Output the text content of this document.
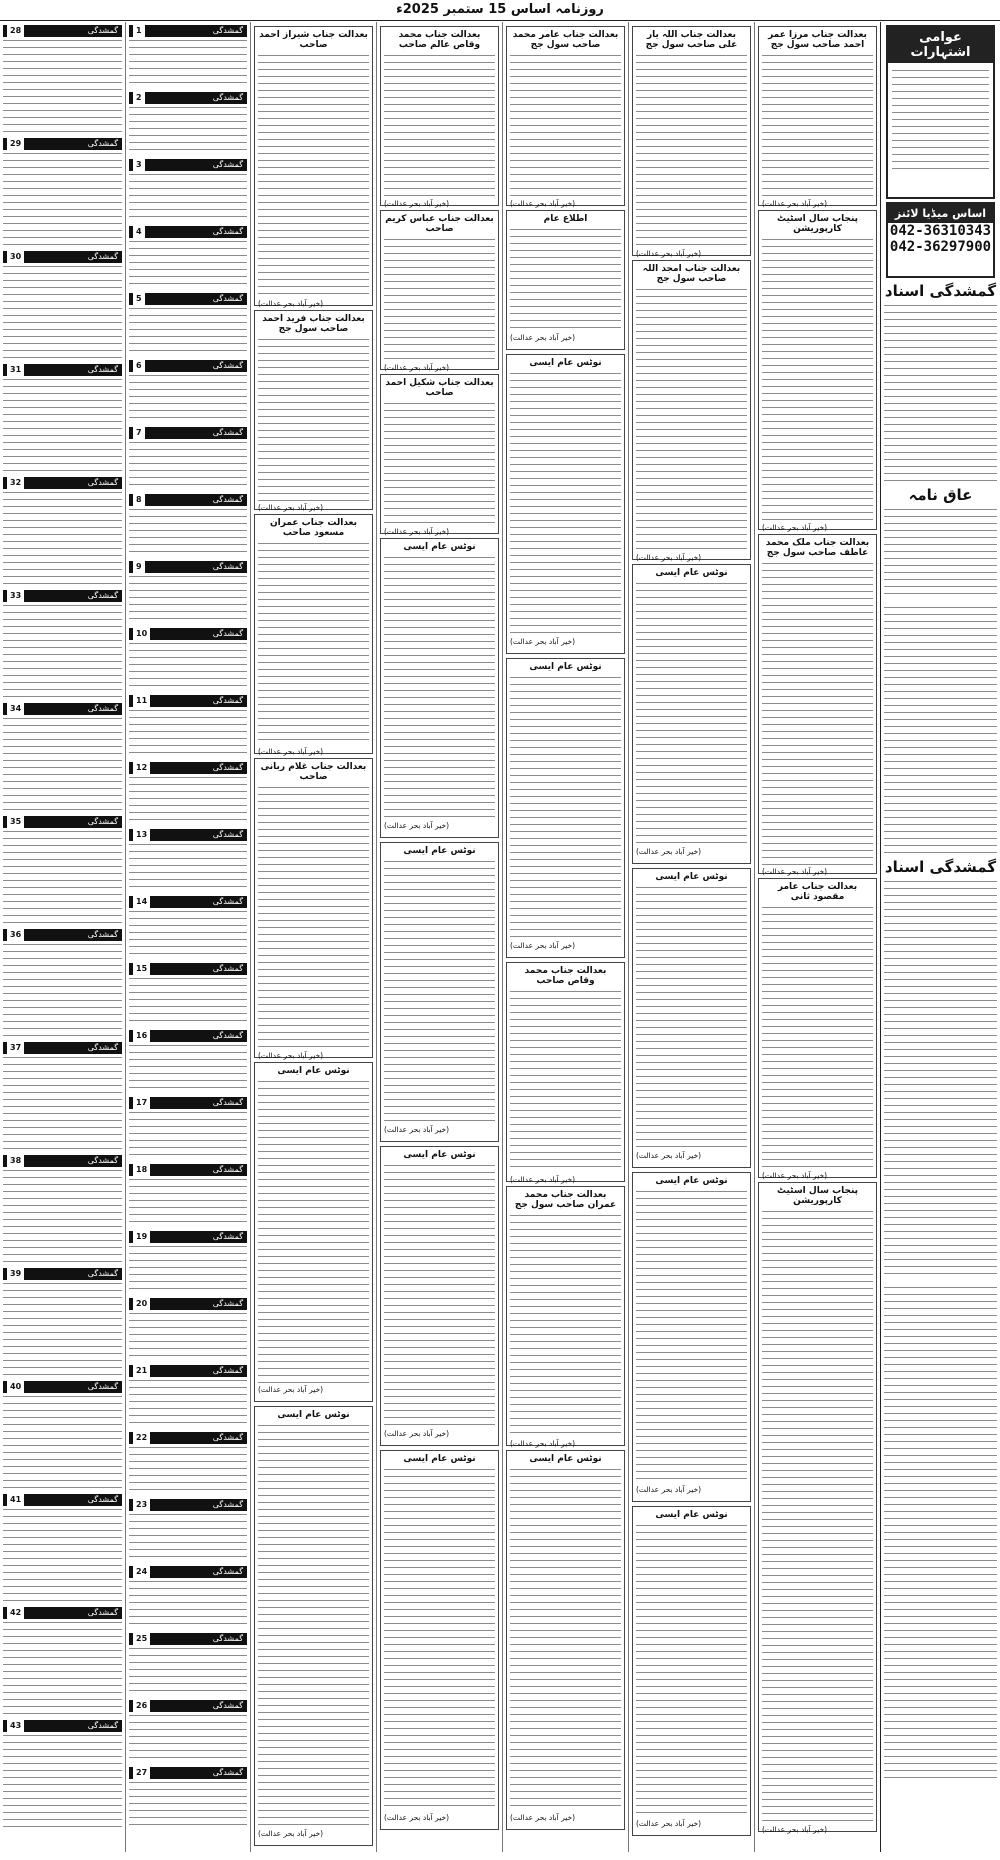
روزنامہ اساس 15 ستمبر 2025ء
عوامی اشتہارات
اساس میڈیا لائنز
042-36310343
042-36297900
گمشدگی اسناد
عاق نامہ
گمشدگی اسناد
بعدالت جناب مرزا عمر احمد صاحب سول جج
(خیر آباد بحر عدالت)
پنجاب سال اسٹیٹ کارپوریشن
(خیر آباد بحر عدالت)
بعدالت جناب ملک محمد عاطف صاحب سول جج
(خیر آباد بحر عدالت)
بعدالت جناب عامر مقصود ثانی
(خیر آباد بحر عدالت)
پنجاب سال اسٹیٹ کارپوریشن
(خیر آباد بحر عدالت)
بعدالت جناب اللہ یار علی صاحب سول جج
(خیر آباد بحر عدالت)
بعدالت جناب امجد اللہ صاحب سول جج
(خیر آباد بحر عدالت)
نوٹس عام ایسی
(خیر آباد بحر عدالت)
نوٹس عام ایسی
(خیر آباد بحر عدالت)
نوٹس عام ایسی
(خیر آباد بحر عدالت)
نوٹس عام ایسی
(خیر آباد بحر عدالت)
بعدالت جناب عامر محمد صاحب سول جج
(خیر آباد بحر عدالت)
اطلاع عام
(خیر آباد بحر عدالت)
نوٹس عام ایسی
(خیر آباد بحر عدالت)
نوٹس عام ایسی
(خیر آباد بحر عدالت)
بعدالت جناب محمد وقاص صاحب
(خیر آباد بحر عدالت)
بعدالت جناب محمد عمران صاحب سول جج
(خیر آباد بحر عدالت)
نوٹس عام ایسی
(خیر آباد بحر عدالت)
بعدالت جناب محمد وقاص عالم صاحب
(خیر آباد بحر عدالت)
بعدالت جناب عباس کریم صاحب
(خیر آباد بحر عدالت)
بعدالت جناب شکیل احمد صاحب
(خیر آباد بحر عدالت)
نوٹس عام ایسی
(خیر آباد بحر عدالت)
نوٹس عام ایسی
(خیر آباد بحر عدالت)
نوٹس عام ایسی
(خیر آباد بحر عدالت)
نوٹس عام ایسی
(خیر آباد بحر عدالت)
بعدالت جناب شیراز احمد صاحب
(خیر آباد بحر عدالت)
بعدالت جناب فرید احمد صاحب سول جج
(خیر آباد بحر عدالت)
بعدالت جناب عمران مسعود صاحب
(خیر آباد بحر عدالت)
بعدالت جناب غلام ربانی صاحب
(خیر آباد بحر عدالت)
نوٹس عام ایسی
(خیر آباد بحر عدالت)
نوٹس عام ایسی
(خیر آباد بحر عدالت)
گمشدگی
1
گمشدگی
2
گمشدگی
3
گمشدگی
4
گمشدگی
5
گمشدگی
6
گمشدگی
7
گمشدگی
8
گمشدگی
9
گمشدگی
10
گمشدگی
11
گمشدگی
12
گمشدگی
13
گمشدگی
14
گمشدگی
15
گمشدگی
16
گمشدگی
17
گمشدگی
18
گمشدگی
19
گمشدگی
20
گمشدگی
21
گمشدگی
22
گمشدگی
23
گمشدگی
24
گمشدگی
25
گمشدگی
26
گمشدگی
27
گمشدگی
28
گمشدگی
29
گمشدگی
30
گمشدگی
31
گمشدگی
32
گمشدگی
33
گمشدگی
34
گمشدگی
35
گمشدگی
36
گمشدگی
37
گمشدگی
38
گمشدگی
39
گمشدگی
40
گمشدگی
41
گمشدگی
42
گمشدگی
43
